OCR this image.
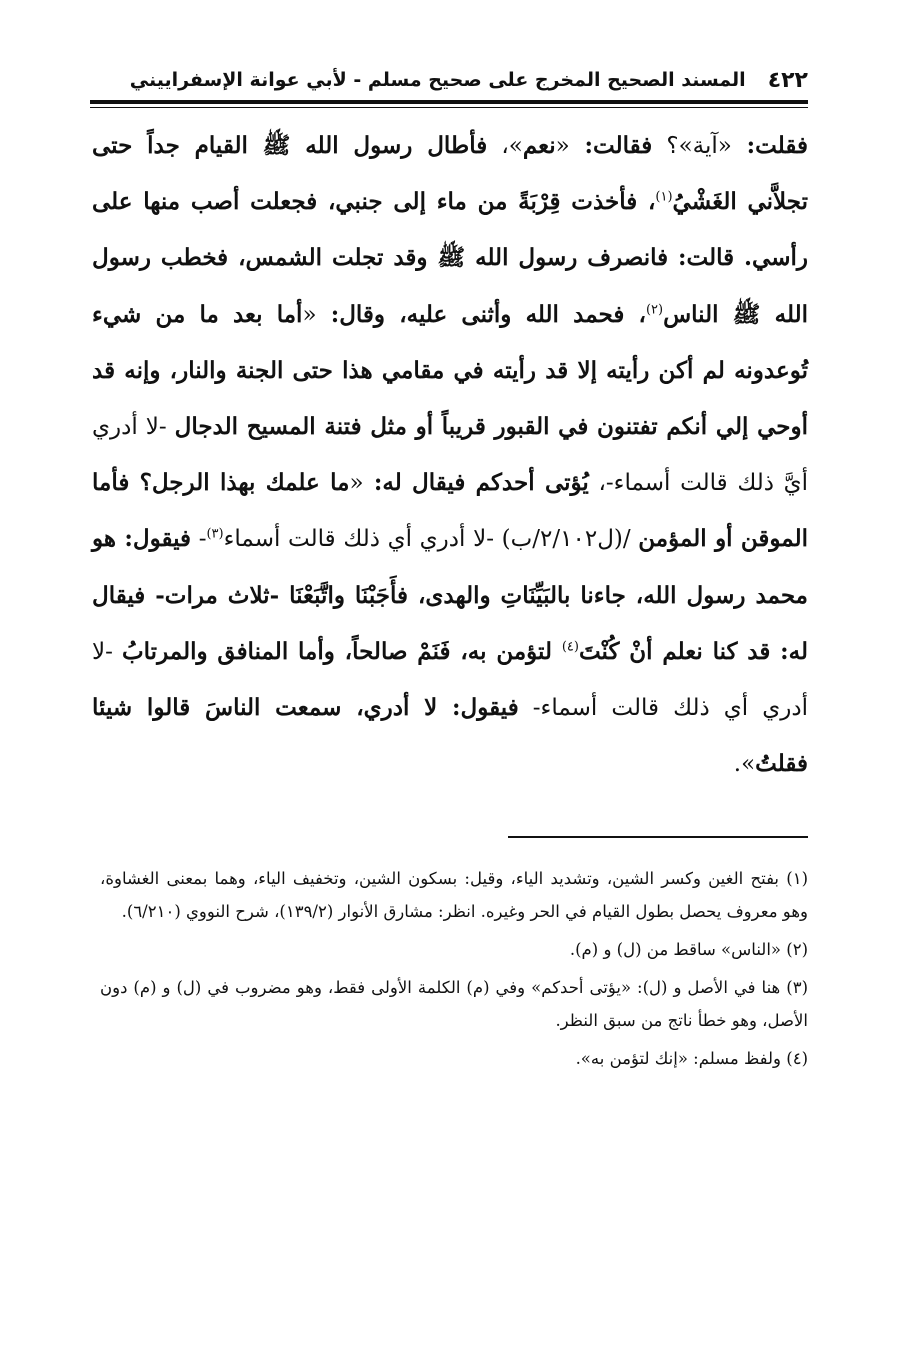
٤٢٢
المسند الصحيح المخرج على صحيح مسلم - لأبي عوانة الإسفراييني

فقلت: «آية»؟ فقالت: «نعم»، فأطال رسول الله ﷺ القيام جداً حتى تجلاَّني الغَشْيُ$^{(١)}$، فأخذت قِرْبَةً من ماء إلى جنبي، فجعلت أصب منها على رأسي. قالت: فانصرف رسول الله ﷺ وقد تجلت الشمس، فخطب رسول الله ﷺ الناس$^{(٢)}$، فحمد الله وأثنى عليه، وقال: «أما بعد ما من شيء تُوعدونه لم أكن رأيته إلا قد رأيته في مقامي هذا حتى الجنة والنار، وإنه قد أوحي إلي أنكم تفتنون في القبور قريباً أو مثل فتنة المسيح الدجال -لا أدري أيَّ ذلك قالت أسماء-، يُؤتى أحدكم فيقال له: «ما علمك بهذا الرجل؟ فأما الموقن أو المؤمن /(ل٢/١٠٢/ب) -لا أدري أي ذلك قالت أسماء$^{(٣)}$- فيقول: هو محمد رسول الله، جاءنا بالبَيِّنَاتِ والهدى، فأَجَبْنَا واتَّبَعْنَا -ثلاث مرات- فيقال له: قد كنا نعلم أنْ كُنْتَ$^{(٤)}$ لتؤمن به، فَنَمْ صالحاً، وأما المنافق والمرتابُ -لا أدري أي ذلك قالت أسماء- فيقول: لا أدري، سمعت الناسَ قالوا شيئا فقلتُ».

(١) بفتح الغين وكسر الشين، وتشديد الياء، وقيل: بسكون الشين، وتخفيف الياء، وهما بمعنى الغشاوة، وهو معروف يحصل بطول القيام في الحر وغيره. انظر: مشارق الأنوار (١٣٩/٢)، شرح النووي (٦/٢١٠).

(٢) «الناس» ساقط من (ل) و (م).

(٣) هنا في الأصل و (ل): «يؤتى أحدكم» وفي (م) الكلمة الأولى فقط، وهو مضروب في (ل) و (م) دون الأصل، وهو خطأ ناتج من سبق النظر.

(٤) ولفظ مسلم: «إنك لتؤمن به».
